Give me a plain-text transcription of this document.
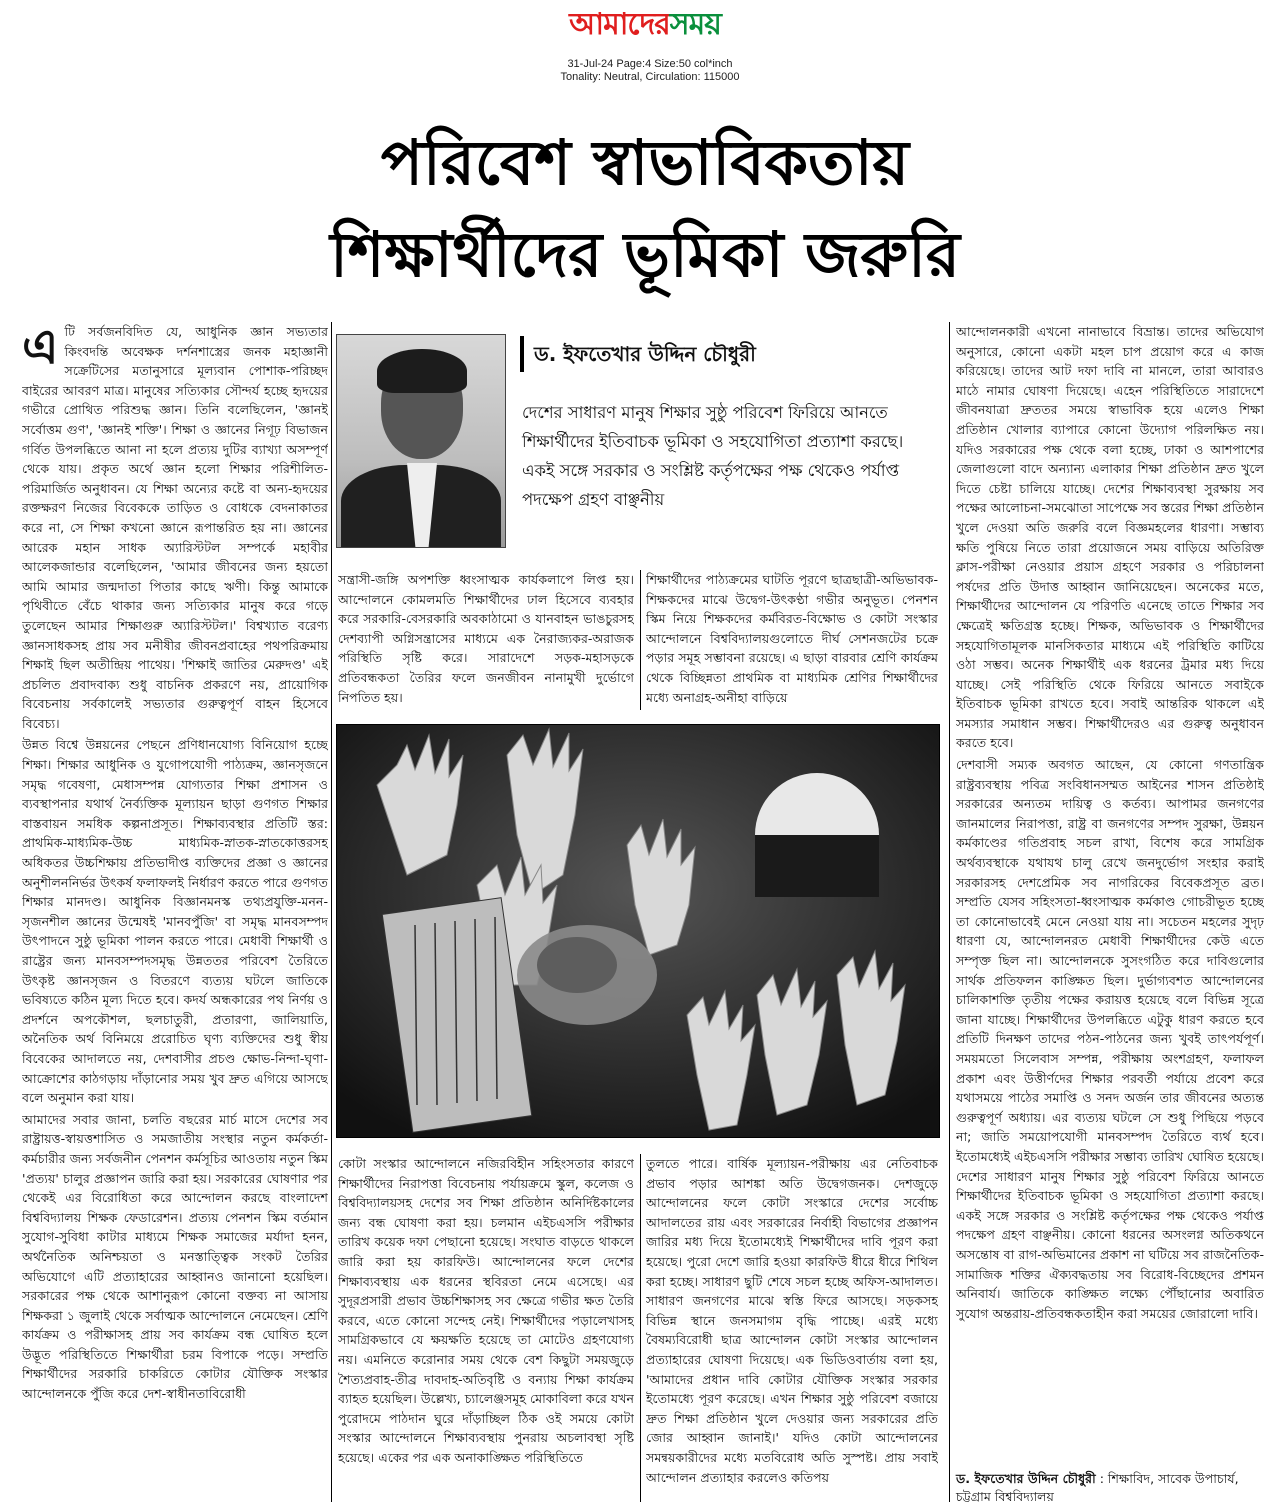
আমাদেরসময়
31-Jul-24 Page:4 Size:50 col*inch
Tonality: Neutral, Circulation: 115000
পরিবেশ স্বাভাবিকতায়
শিক্ষার্থীদের ভূমিকা জরুরি
এ টি সর্বজনবিদিত যে, আধুনিক জ্ঞান সভ্যতার কিংবদন্তি অবেক্ষক দর্শনশাস্ত্রের জনক মহাজ্ঞানী সক্রেটিসের মতানুসারে মূল্যবান পোশাক-পরিচ্ছদ বাইরের আবরণ মাত্র। মানুষের সত্যিকার সৌন্দর্য হচ্ছে হৃদয়ের গভীরে প্রোথিত পরিশুদ্ধ জ্ঞান। তিনি বলেছিলেন, 'জ্ঞানই সর্বোত্তম গুণ', 'জ্ঞানই শক্তি'। শিক্ষা ও জ্ঞানের নিগূঢ় বিভাজন গর্বিত উপলব্ধিতে আনা না হলে প্রত্যয় দুটির ব্যাখ্যা অসম্পূর্ণ থেকে যায়। প্রকৃত অর্থে জ্ঞান হলো শিক্ষার পরিশীলিত-পরিমার্জিত অনুধাবন। যে শিক্ষা অন্যের কষ্টে বা অন্য-হৃদয়ের রক্তক্ষরণ নিজের বিবেককে তাড়িত ও বোধকে বেদনাকাতর করে না, সে শিক্ষা কখনো জ্ঞানে রূপান্তরিত হয় না। জ্ঞানের আরেক মহান সাধক অ্যারিস্টটল সম্পর্কে মহাবীর আলেকজান্ডার বলেছিলেন, 'আমার জীবনের জন্য হয়তো আমি আমার জন্মদাতা পিতার কাছে ঋণী। কিন্তু আমাকে পৃথিবীতে বেঁচে থাকার জন্য সত্যিকার মানুষ করে গড়ে তুলেছেন আমার শিক্ষাগুরু অ্যারিস্টটল।' বিশ্বখ্যাত বরেণ্য জ্ঞানসাধকসহ প্রায় সব মনীষীর জীবনপ্রবাহের পথপরিক্রমায় শিক্ষাই ছিল অতীন্দ্রিয় পাথেয়। 'শিক্ষাই জাতির মেরুদণ্ড' এই প্রচলিত প্রবাদবাক্য শুধু বাচনিক প্রকরণে নয়, প্রায়োগিক বিবেচনায় সর্বকালেই সভ্যতার গুরুত্বপূর্ণ বাহন হিসেবে বিবেচ্য।

উন্নত বিশ্বে উন্নয়নের পেছনে প্রণিধানযোগ্য বিনিয়োগ হচ্ছে শিক্ষা। শিক্ষার আধুনিক ও যুগোপযোগী পাঠ্যক্রম, জ্ঞানসৃজনে সমৃদ্ধ গবেষণা, মেধাসম্পন্ন যোগ্যতার শিক্ষা প্রশাসন ও ব্যবস্থাপনার যথার্থ নৈর্ব্যক্তিক মূল্যায়ন ছাড়া গুণগত শিক্ষার বাস্তবায়ন সমধিক কল্পনাপ্রসূত। শিক্ষাব্যবস্থার প্রতিটি স্তর: প্রাথমিক-মাধ্যমিক-উচ্চ মাধ্যমিক-স্নাতক-স্নাতকোত্তরসহ অধিকতর উচ্চশিক্ষায় প্রতিভাদীপ্ত ব্যক্তিদের প্রজ্ঞা ও জ্ঞানের অনুশীলননির্ভর উৎকর্ষ ফলাফলই নির্ধারণ করতে পারে গুণগত শিক্ষার মানদণ্ড। আধুনিক বিজ্ঞানমনস্ক তথ্যপ্রযুক্তি-মনন-সৃজনশীল জ্ঞানের উন্মেষই 'মানবপুঁজি' বা সমৃদ্ধ মানবসম্পদ উৎপাদনে সুষ্ঠু ভূমিকা পালন করতে পারে। মেধাবী শিক্ষার্থী ও রাষ্ট্রের জন্য মানবসম্পদসমৃদ্ধ উন্নততর পরিবেশ তৈরিতে উৎকৃষ্ট জ্ঞানসৃজন ও বিতরণে ব্যত্যয় ঘটলে জাতিকে ভবিষ্যতে কঠিন মূল্য দিতে হবে। কদর্য অন্ধকারের পথ নির্ণয় ও প্রদর্শনে অপকৌশল, ছলচাতুরী, প্রতারণা, জালিয়াতি, অনৈতিক অর্থ বিনিময়ে প্ররোচিত ঘৃণ্য ব্যক্তিদের শুধু স্বীয় বিবেকের আদালতে নয়, দেশবাসীর প্রচণ্ড ক্ষোভ-নিন্দা-ঘৃণা-আক্রোশের কাঠগড়ায় দাঁড়ানোর সময় খুব দ্রুত এগিয়ে আসছে বলে অনুমান করা যায়।

আমাদের সবার জানা, চলতি বছরের মার্চ মাসে দেশের সব রাষ্ট্রায়ত্ত-স্বায়ত্তশাসিত ও সমজাতীয় সংস্থার নতুন কর্মকর্তা-কর্মচারীর জন্য সর্বজনীন পেনশন কর্মসূচির আওতায় নতুন স্কিম 'প্রত্যয়' চালুর প্রজ্ঞাপন জারি করা হয়। সরকারের ঘোষণার পর থেকেই এর বিরোধিতা করে আন্দোলন করছে বাংলাদেশ বিশ্ববিদ্যালয় শিক্ষক ফেডারেশন। প্রত্যয় পেনশন স্কিম বর্তমান সুযোগ-সুবিধা কাটার মাধ্যমে শিক্ষক সমাজের মর্যাদা হনন, অর্থনৈতিক অনিশ্চয়তা ও মনস্তাত্ত্বিক সংকট তৈরির অভিযোগে এটি প্রত্যাহারের আহ্বানও জানানো হয়েছিল। সরকারের পক্ষ থেকে আশানুরূপ কোনো বক্তব্য না আসায় শিক্ষকরা ১ জুলাই থেকে সর্বাত্মক আন্দোলনে নেমেছেন। শ্রেণি কার্যক্রম ও পরীক্ষাসহ প্রায় সব কার্যক্রম বন্ধ ঘোষিত হলে উদ্ভূত পরিস্থিতিতে শিক্ষার্থীরা চরম বিপাকে পড়ে। সম্প্রতি শিক্ষার্থীদের সরকারি চাকরিতে কোটার যৌক্তিক সংস্কার আন্দোলনকে পুঁজি করে দেশ-স্বাধীনতাবিরোধী

ড. ইফতেখার উদ্দিন চৌধুরী
দেশের সাধারণ মানুষ শিক্ষার সুষ্ঠু পরিবেশ ফিরিয়ে আনতে শিক্ষার্থীদের ইতিবাচক ভূমিকা ও সহযোগিতা প্রত্যাশা করছে। একই সঙ্গে সরকার ও সংশ্লিষ্ট কর্তৃপক্ষের পক্ষ থেকেও পর্যাপ্ত পদক্ষেপ গ্রহণ বাঞ্ছনীয়
সন্ত্রাসী-জঙ্গি অপশক্তি ধ্বংসাত্মক কার্যকলাপে লিপ্ত হয়। আন্দোলনে কোমলমতি শিক্ষার্থীদের ঢাল হিসেবে ব্যবহার করে সরকারি-বেসরকারি অবকাঠামো ও যানবাহন ভাঙচুরসহ দেশব্যাপী অগ্নিসন্ত্রাসের মাধ্যমে এক নৈরাজ্যকর-অরাজক পরিস্থিতি সৃষ্টি করে। সারাদেশে সড়ক-মহাসড়কে প্রতিবন্ধকতা তৈরির ফলে জনজীবন নানামুখী দুর্ভোগে নিপতিত হয়।
শিক্ষার্থীদের পাঠ্যক্রমের ঘাটতি পূরণে ছাত্রছাত্রী-অভিভাবক-শিক্ষকদের মাঝে উদ্বেগ-উৎকণ্ঠা গভীর অনুভূত। পেনশন স্কিম নিয়ে শিক্ষকদের কর্মবিরত-বিক্ষোভ ও কোটা সংস্কার আন্দোলনে বিশ্ববিদ্যালয়গুলোতে দীর্ঘ সেশনজটের চক্রে পড়ার সমূহ সম্ভাবনা রয়েছে। এ ছাড়া বারবার শ্রেণি কার্যক্রম থেকে বিচ্ছিন্নতা প্রাথমিক বা মাধ্যমিক শ্রেণির শিক্ষার্থীদের মধ্যে অনাগ্রহ-অনীহা বাড়িয়ে
কোটা সংস্কার আন্দোলনে নজিরবিহীন সহিংসতার কারণে শিক্ষার্থীদের নিরাপত্তা বিবেচনায় পর্যায়ক্রমে স্কুল, কলেজ ও বিশ্ববিদ্যালয়সহ দেশের সব শিক্ষা প্রতিষ্ঠান অনির্দিষ্টকালের জন্য বন্ধ ঘোষণা করা হয়। চলমান এইচএসসি পরীক্ষার তারিখ কয়েক দফা পেছানো হয়েছে। সংঘাত বাড়তে থাকলে জারি করা হয় কারফিউ। আন্দোলনের ফলে দেশের শিক্ষাব্যবস্থায় এক ধরনের স্থবিরতা নেমে এসেছে। এর সুদূরপ্রসারী প্রভাব উচ্চশিক্ষাসহ সব ক্ষেত্রে গভীর ক্ষত তৈরি করবে, এতে কোনো সন্দেহ নেই। শিক্ষার্থীদের পড়ালেখাসহ সামগ্রিকভাবে যে ক্ষয়ক্ষতি হয়েছে তা মোটেও গ্রহণযোগ্য নয়। এমনিতে করোনার সময় থেকে বেশ কিছুটা সময়জুড়ে শৈত্যপ্রবাহ-তীব্র দাবদাহ-অতিবৃষ্টি ও বন্যায় শিক্ষা কার্যক্রম ব্যাহত হয়েছিল। উল্লেখ্য, চ্যালেঞ্জসমূহ মোকাবিলা করে যখন পুরোদমে পাঠদান ঘুরে দাঁড়াচ্ছিল ঠিক ওই সময়ে কোটা সংস্কার আন্দোলনে শিক্ষাব্যবস্থায় পুনরায় অচলাবস্থা সৃষ্টি হয়েছে। একের পর এক অনাকাঙ্ক্ষিত পরিস্থিতিতে
তুলতে পারে। বার্ষিক মূল্যায়ন-পরীক্ষায় এর নেতিবাচক প্রভাব পড়ার আশঙ্কা অতি উদ্বেগজনক। দেশজুড়ে আন্দোলনের ফলে কোটা সংস্কারে দেশের সর্বোচ্চ আদালতের রায় এবং সরকারের নির্বাহী বিভাগের প্রজ্ঞাপন জারির মধ্য দিয়ে ইতোমধ্যেই শিক্ষার্থীদের দাবি পূরণ করা হয়েছে। পুরো দেশে জারি হওয়া কারফিউ ধীরে ধীরে শিথিল করা হচ্ছে। সাধারণ ছুটি শেষে সচল হচ্ছে অফিস-আদালত। সাধারণ জনগণের মাঝে স্বস্তি ফিরে আসছে। সড়কসহ বিভিন্ন স্থানে জনসমাগম বৃদ্ধি পাচ্ছে। এরই মধ্যে বৈষম্যবিরোধী ছাত্র আন্দোলন কোটা সংস্কার আন্দোলন প্রত্যাহারের ঘোষণা দিয়েছে। এক ভিডিওবার্তায় বলা হয়, 'আমাদের প্রধান দাবি কোটার যৌক্তিক সংস্কার সরকার ইতোমধ্যে পূরণ করেছে। এখন শিক্ষার সুষ্ঠু পরিবেশ বজায়ে দ্রুত শিক্ষা প্রতিষ্ঠান খুলে দেওয়ার জন্য সরকারের প্রতি জোর আহ্বান জানাই।' যদিও কোটা আন্দোলনের সমন্বয়কারীদের মধ্যে মতবিরোধ অতি সুস্পষ্ট। প্রায় সবাই আন্দোলন প্রত্যাহার করলেও কতিপয়

আন্দোলনকারী এখনো নানাভাবে বিভ্রান্ত। তাদের অভিযোগ অনুসারে, কোনো একটা মহল চাপ প্রয়োগ করে এ কাজ করিয়েছে। তাদের আট দফা দাবি না মানলে, তারা আবারও মাঠে নামার ঘোষণা দিয়েছে। এহেন পরিস্থিতিতে সারাদেশে জীবনযাত্রা দ্রুততর সময়ে স্বাভাবিক হয়ে এলেও শিক্ষা প্রতিষ্ঠান খোলার ব্যাপারে কোনো উদ্যোগ পরিলক্ষিত নয়। যদিও সরকারের পক্ষ থেকে বলা হচ্ছে, ঢাকা ও আশপাশের জেলাগুলো বাদে অন্যান্য এলাকার শিক্ষা প্রতিষ্ঠান দ্রুত খুলে দিতে চেষ্টা চালিয়ে যাচ্ছে। দেশের শিক্ষাব্যবস্থা সুরক্ষায় সব পক্ষের আলোচনা-সমঝোতা সাপেক্ষে সব স্তরের শিক্ষা প্রতিষ্ঠান খুলে দেওয়া অতি জরুরি বলে বিজ্ঞমহলের ধারণা। সম্ভাব্য ক্ষতি পুষিয়ে নিতে তারা প্রয়োজনে সময় বাড়িয়ে অতিরিক্ত ক্লাস-পরীক্ষা নেওয়ার প্রয়াস গ্রহণে সরকার ও পরিচালনা পর্ষদের প্রতি উদাত্ত আহ্বান জানিয়েছেন। অনেকের মতে, শিক্ষার্থীদের আন্দোলন যে পরিণতি এনেছে তাতে শিক্ষার সব ক্ষেত্রেই ক্ষতিগ্রস্ত হচ্ছে। শিক্ষক, অভিভাবক ও শিক্ষার্থীদের সহযোগিতামূলক মানসিকতার মাধ্যমে এই পরিস্থিতি কাটিয়ে ওঠা সম্ভব। অনেক শিক্ষার্থীই এক ধরনের ট্রমার মধ্য দিয়ে যাচ্ছে। সেই পরিস্থিতি থেকে ফিরিয়ে আনতে সবাইকে ইতিবাচক ভূমিকা রাখতে হবে। সবাই আন্তরিক থাকলে এই সমস্যার সমাধান সম্ভব। শিক্ষার্থীদেরও এর গুরুত্ব অনুধাবন করতে হবে।

দেশবাসী সম্যক অবগত আছেন, যে কোনো গণতান্ত্রিক রাষ্ট্রব্যবস্থায় পবিত্র সংবিধানসম্মত আইনের শাসন প্রতিষ্ঠাই সরকারের অন্যতম দায়িত্ব ও কর্তব্য। আপামর জনগণের জানমালের নিরাপত্তা, রাষ্ট্র বা জনগণের সম্পদ সুরক্ষা, উন্নয়ন কর্মকাণ্ডের গতিপ্রবাহ সচল রাখা, বিশেষ করে সামগ্রিক অর্থব্যবস্থাকে যথাযথ চালু রেখে জনদুর্ভোগ সংহার করাই সরকারসহ দেশপ্রেমিক সব নাগরিকের বিবেকপ্রসূত ব্রত। সম্প্রতি যেসব সহিংসতা-ধ্বংসাত্মক কর্মকাণ্ড গোচরীভূত হচ্ছে তা কোনোভাবেই মেনে নেওয়া যায় না। সচেতন মহলের সুদৃঢ় ধারণা যে, আন্দোলনরত মেধাবী শিক্ষার্থীদের কেউ এতে সম্পৃক্ত ছিল না। আন্দোলনকে সুসংগঠিত করে দাবিগুলোর সার্থক প্রতিফলন কাঙ্ক্ষিত ছিল। দুর্ভাগ্যবশত আন্দোলনের চালিকাশক্তি তৃতীয় পক্ষের করায়ত্ত হয়েছে বলে বিভিন্ন সূত্রে জানা যাচ্ছে। শিক্ষার্থীদের উপলব্ধিতে এটুকু ধারণ করতে হবে প্রতিটি দিনক্ষণ তাদের পঠন-পাঠনের জন্য খুবই তাৎপর্যপূর্ণ। সময়মতো সিলেবাস সম্পন্ন, পরীক্ষায় অংশগ্রহণ, ফলাফল প্রকাশ এবং উত্তীর্ণদের শিক্ষার পরবর্তী পর্যায়ে প্রবেশ করে যথাসময়ে পাঠের সমাপ্তি ও সনদ অর্জন তার জীবনের অত্যন্ত গুরুত্বপূর্ণ অধ্যায়। এর ব্যত্যয় ঘটলে সে শুধু পিছিয়ে পড়বে না; জাতি সময়োপযোগী মানবসম্পদ তৈরিতে ব্যর্থ হবে। ইতোমধ্যেই এইচএসসি পরীক্ষার সম্ভাব্য তারিখ ঘোষিত হয়েছে। দেশের সাধারণ মানুষ শিক্ষার সুষ্ঠু পরিবেশ ফিরিয়ে আনতে শিক্ষার্থীদের ইতিবাচক ভূমিকা ও সহযোগিতা প্রত্যাশা করছে। একই সঙ্গে সরকার ও সংশ্লিষ্ট কর্তৃপক্ষের পক্ষ থেকেও পর্যাপ্ত পদক্ষেপ গ্রহণ বাঞ্ছনীয়। কোনো ধরনের অসংলগ্ন অতিকথনে অসন্তোষ বা রাগ-অভিমানের প্রকাশ না ঘটিয়ে সব রাজনৈতিক-সামাজিক শক্তির ঐক্যবদ্ধতায় সব বিরোধ-বিচ্ছেদের প্রশমন অনিবার্য। জাতিকে কাঙ্ক্ষিত লক্ষ্যে পৌঁছানোর অবারিত সুযোগ অন্তরায়-প্রতিবন্ধকতাহীন করা সময়ের জোরালো দাবি।

ড. ইফতেখার উদ্দিন চৌধুরী : শিক্ষাবিদ, সাবেক উপাচার্য, চট্টগ্রাম বিশ্ববিদ্যালয়
